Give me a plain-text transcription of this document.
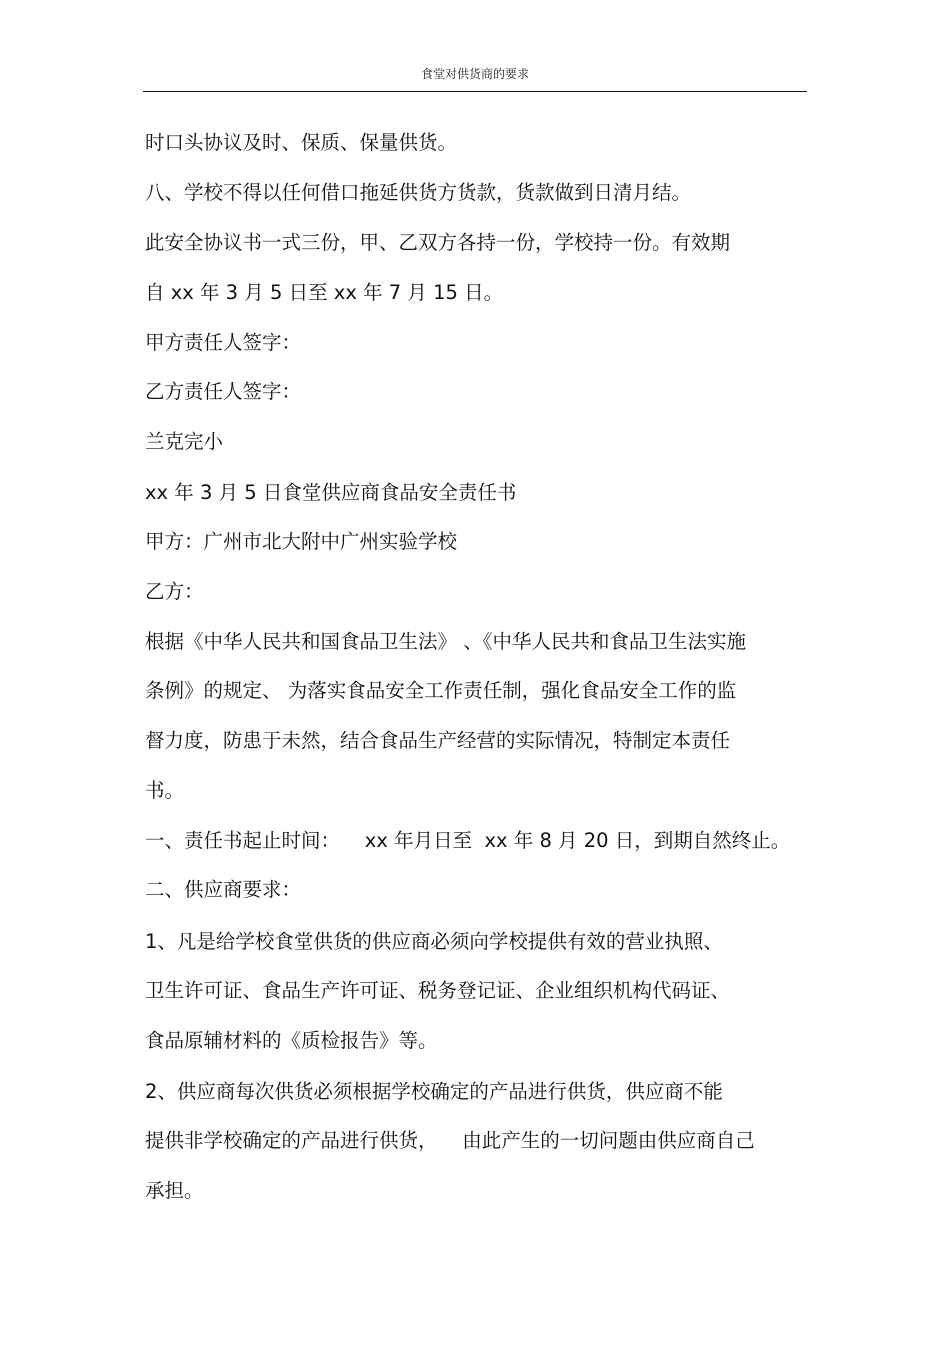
食堂对供货商的要求
时口头协议及时、保质、保量供货。
八、学校不得以任何借口拖延供货方货款，货款做到日清月结。
此安全协议书一式三份，甲、乙双方各持一份，学校持一份。有效期
自 xx 年 3 月 5 日至 xx 年 7 月 15 日。
甲方责任人签字：
乙方责任人签字：
兰克完小
xx 年 3 月 5 日食堂供应商食品安全责任书
甲方：广州市北大附中广州实验学校
乙方：
根据《中华人民共和国食品卫生法》 、《中华人民共和食品卫生法实施
条例》的规定、 为落实食品安全工作责任制，强化食品安全工作的监
督力度，防患于未然，结合食品生产经营的实际情况，特制定本责任
书。
一、责任书起止时间：    xx 年月日至  xx 年 8 月 20 日，到期自然终止。
二、供应商要求：
1、凡是给学校食堂供货的供应商必须向学校提供有效的营业执照、
卫生许可证、食品生产许可证、税务登记证、企业组织机构代码证、
食品原辅材料的《质检报告》等。
2、供应商每次供货必须根据学校确定的产品进行供货，供应商不能
提供非学校确定的产品进行供货，    由此产生的一切问题由供应商自己
承担。
